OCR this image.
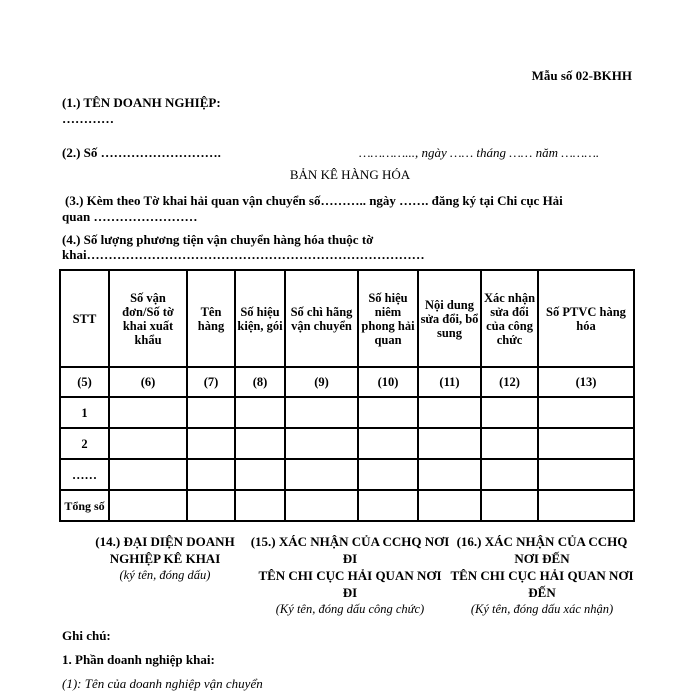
Mẫu số 02-BKHH
(1.) TÊN DOANH NGHIỆP:
…………
(2.) Số ……………………….	…………..., ngày …… tháng …… năm ……….
BẢN KÊ HÀNG HÓA
(3.) Kèm theo Tờ khai hải quan vận chuyển số……….. ngày ……. đăng ký tại Chi cục Hải
quan ……………………
(4.) Số lượng phương tiện vận chuyển hàng hóa thuộc tờ
khai……………………………………………………………………
STT	Số vận đơn/Số tờ khai xuất khẩu	Tên hàng	Số hiệu kiện, gói	Số chì hãng vận chuyển	Số hiệu niêm phong hải quan	Nội dung sửa đổi, bổ sung	Xác nhận sửa đổi của công chức	Số PTVC hàng hóa
(5)	(6)	(7)	(8)	(9)	(10)	(11)	(12)	(13)
1								
2								
……								
Tổng số								
(14.) ĐẠI DIỆN DOANH NGHIỆP KÊ KHAI
(ký tên, đóng dấu)
(15.) XÁC NHẬN CỦA CCHQ NƠI ĐI
TÊN CHI CỤC HẢI QUAN NƠI ĐI
(Ký tên, đóng dấu công chức)
(16.) XÁC NHẬN CỦA CCHQ NƠI ĐẾN
TÊN CHI CỤC HẢI QUAN NƠI ĐẾN
(Ký tên, đóng dấu xác nhận)
Ghi chú:
1. Phần doanh nghiệp khai:
(1): Tên của doanh nghiệp vận chuyển
